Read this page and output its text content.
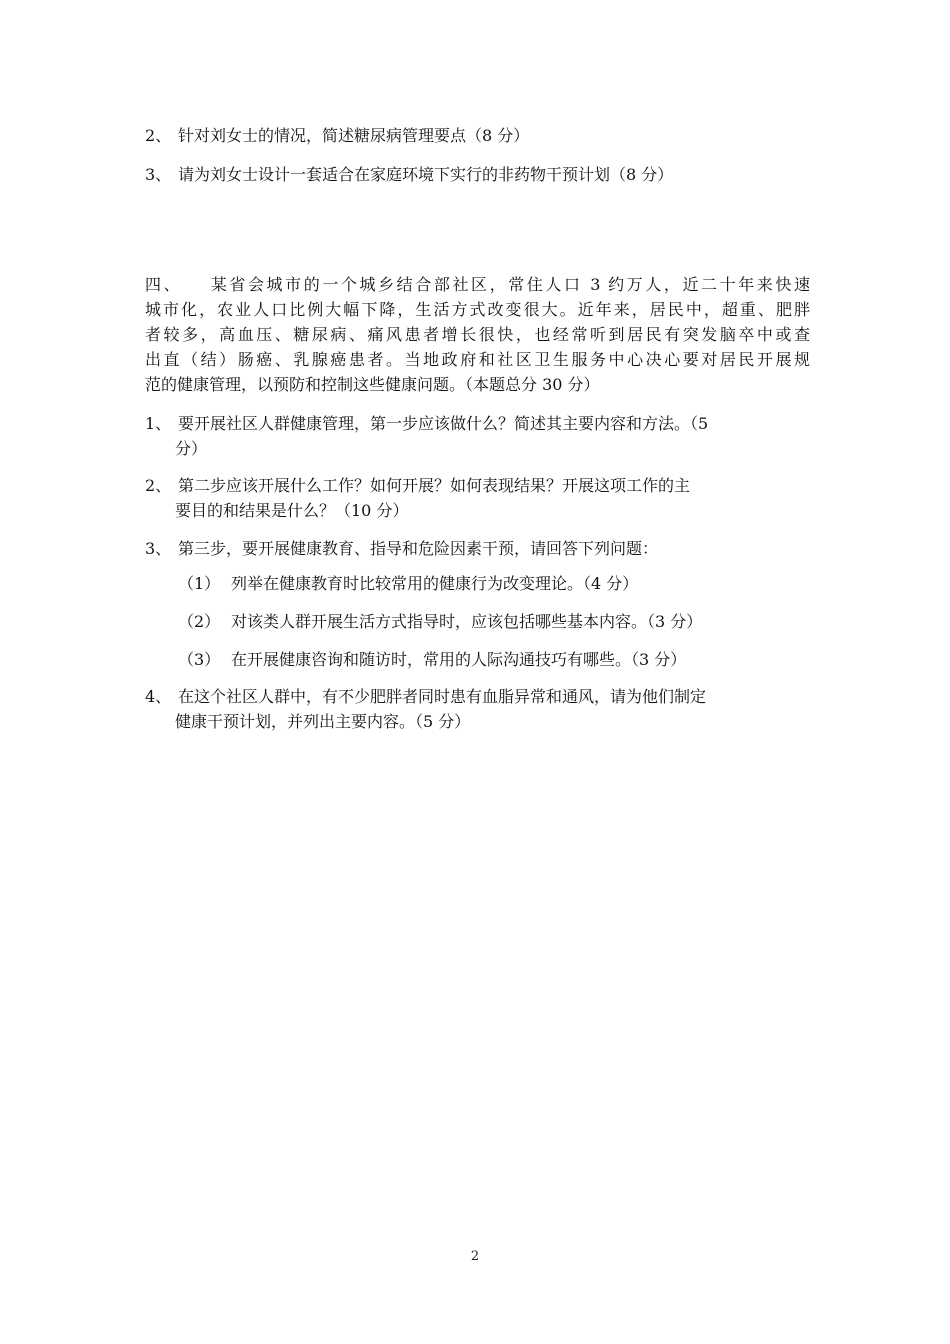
2、 针对刘女士的情况，简述糖尿病管理要点（8 分）
3、 请为刘女士设计一套适合在家庭环境下实行的非药物干预计划（8 分）
四、 某省会城市的一个城乡结合部社区，常住人口 3 约万人，近二十年来快速
城市化，农业人口比例大幅下降，生活方式改变很大。近年来，居民中，超重、肥胖
者较多，高血压、糖尿病、痛风患者增长很快，也经常听到居民有突发脑卒中或查
出直（结）肠癌、乳腺癌患者。当地政府和社区卫生服务中心决心要对居民开展规
范的健康管理，以预防和控制这些健康问题。（本题总分 30 分）
1、 要开展社区人群健康管理，第一步应该做什么？简述其主要内容和方法。（5
分）
2、 第二步应该开展什么工作？如何开展？如何表现结果？开展这项工作的主
要目的和结果是什么？（10 分）
3、 第三步，要开展健康教育、指导和危险因素干预，请回答下列问题：
（1） 列举在健康教育时比较常用的健康行为改变理论。（4 分）
（2） 对该类人群开展生活方式指导时，应该包括哪些基本内容。（3 分）
（3） 在开展健康咨询和随访时，常用的人际沟通技巧有哪些。（3 分）
4、 在这个社区人群中，有不少肥胖者同时患有血脂异常和通风，请为他们制定
健康干预计划，并列出主要内容。（5 分）
2
